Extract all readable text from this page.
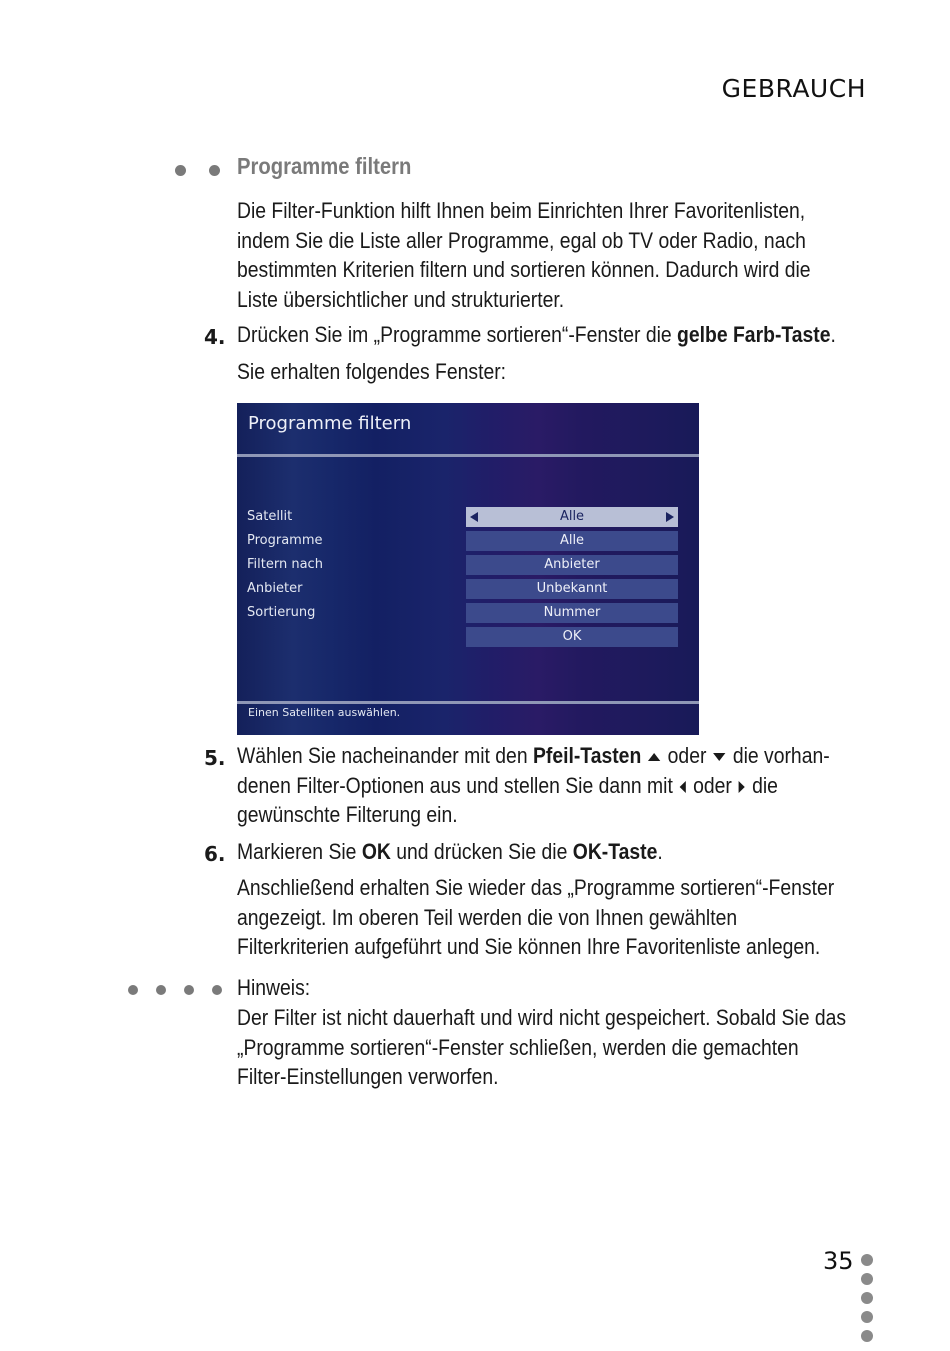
GEBRAUCH
Programme filtern
Die Filter-Funktion hilft Ihnen beim Einrichten Ihrer Favoritenlisten, indem Sie die Liste aller Programme, egal ob TV oder Radio, nach bestimmten Kriterien filtern und sortieren können. Dadurch wird die Liste übersichtlicher und strukturierter.
4. Drücken Sie im „Programme sortieren“-Fenster die gelbe Farb-Taste.
Sie erhalten folgendes Fenster:
Programme filtern
Satellit
Programme
Filtern nach
Anbieter
Sortierung
Alle
Alle
Anbieter
Unbekannt
Nummer
OK
Einen Satelliten auswählen.
5. Wählen Sie nacheinander mit den Pfeil-Tasten oder die vorhan-
denen Filter-Optionen aus und stellen Sie dann mit oder die
gewünschte Filterung ein.
6. Markieren Sie OK und drücken Sie die OK-Taste.
Anschließend erhalten Sie wieder das „Programme sortieren“-Fenster angezeigt. Im oberen Teil werden die von Ihnen gewählten Filterkriterien aufgeführt und Sie können Ihre Favoritenliste anlegen.
Hinweis:
Der Filter ist nicht dauerhaft und wird nicht gespeichert. Sobald Sie das „Programme sortieren“-Fenster schließen, werden die gemachten Filter-Einstellungen verworfen.
35
